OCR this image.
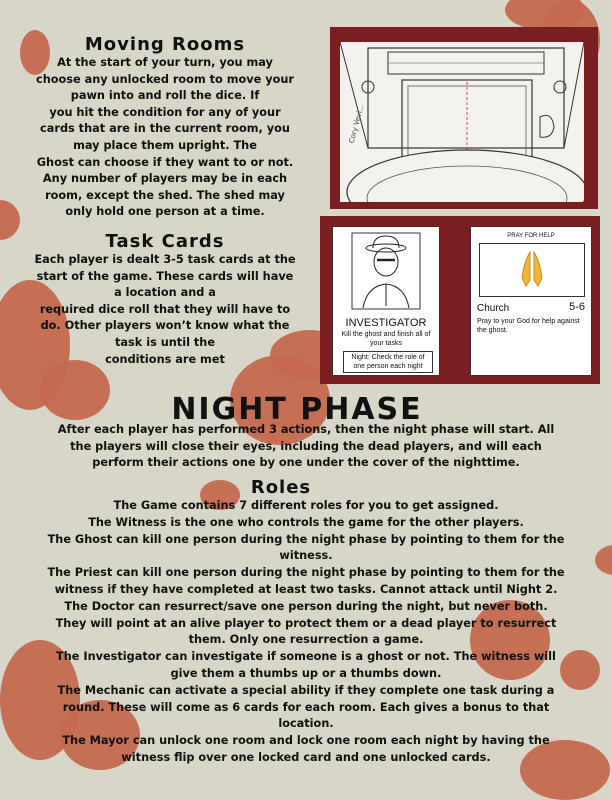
Moving Rooms
At the start of your turn, you may
choose any unlocked room to move your
pawn into and roll the dice. If
you hit the condition for any of your
cards that are in the current room, you
may place them upright. The
Ghost can choose if they want to or not.
Any number of players may be in each
room, except the shed. The shed may
only hold one person at a time.
Task Cards
Each player is dealt 3-5 task cards at the
start of the game. These cards will have
a location and a
required dice roll that they will have to
do. Other players won’t know what the
task is until the
conditions are met
Cory Vevi...
INVESTIGATOR
Kill the ghost and finish all of your tasks
Night: Check the role of one person each night
PRAY FOR HELP
Church	5-6
Pray to your God for help against the ghost.
NIGHT PHASE
After each player has performed 3 actions, then the night phase will start. All
the players will close their eyes, including the dead players, and will each
perform their actions one by one under the cover of the nighttime.
Roles
The Game contains 7 different roles for you to get assigned.
The Witness is the one who controls the game for the other players.
The Ghost can kill one person during the night phase by pointing to them for the
witness.
The Priest can kill one person during the night phase by pointing to them for the
witness if they have completed at least two tasks. Cannot attack until Night 2.
The Doctor can resurrect/save one person during the night, but never both.
They will point at an alive player to protect them or a dead player to resurrect
them. Only one resurrection a game.
The Investigator can investigate if someone is a ghost or not. The witness will
give them a thumbs up or a thumbs down.
The Mechanic can activate a special ability if they complete one task during a
round. These will come as 6 cards for each room. Each gives a bonus to that
location.
The Mayor can unlock one room and lock one room each night by having the
witness flip over one locked card and one unlocked cards.
